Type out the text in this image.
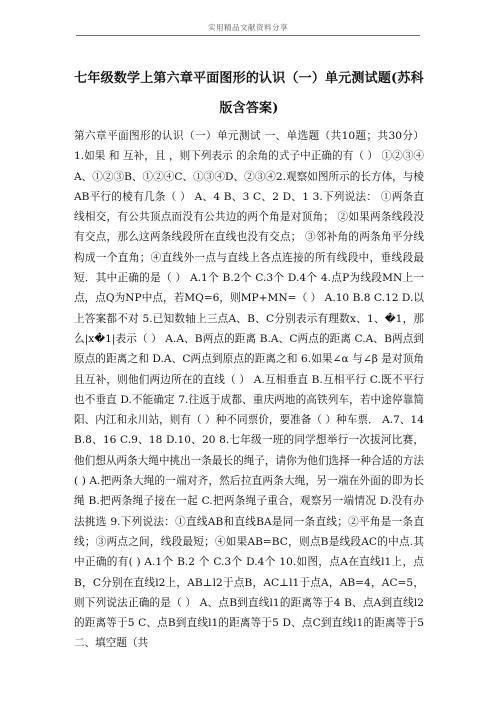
实用精品文献资料分享
七年级数学上第六章平面图形的认识（一）单元测试题(苏科版含答案)

第六章平面图形的认识（一）单元测试 一、单选题（共10题；共30分） 1.如果 和 互补，且 ，则下列表示 的余角的式子中正确的有（ ） ①②③④A、①②③B、①②④C、①③④D、②③④2.观察如图所示的长方体，与棱AB平行的棱有几条（ ） A、4 B、3 C、2 D、1 3.下列说法： ①两条直线相交，有公共顶点而没有公共边的两个角是对顶角； ②如果两条线段没有交点，那么这两条线段所在直线也没有交点； ③邻补角的两条角平分线构成一个直角；④直线外一点与直线上各点连接的所有线段中，垂线段最短．其中正确的是（ ） A.1个 B.2个 C.3个 D.4个 4.点P为线段MN上一点，点Q为NP中点，若MQ=6，则MP+MN=（ ） A.10 B.8 C.12 D.以上答案都不对 5.已知数轴上三点A、B、C分别表示有理数x、1、�1，那么|x�1|表示（ ） A.A、B两点的距离 B.A、C两点的距离 C.A、B两点到原点的距离之和 D.A、C两点到原点的距离之和 6.如果∠α 与∠β 是对顶角且互补，则他们两边所在的直线（ ） A.互相垂直 B.互相平行 C.既不平行也不垂直 D.不能确定 7.往返于成都、重庆两地的高铁列车，若中途停靠简阳、内江和永川站，则有（ ）种不同票价，要准备（ ）种车票． A.7、14 B.8、16 C.9、18 D.10、20 8.七年级一班的同学想举行一次拔河比赛，他们想从两条大绳中挑出一条最长的绳子，请你为他们选择一种合适的方法( ) A.把两条大绳的一端对齐，然后拉直两条大绳，另一端在外面的即为长绳 B.把两条绳子接在一起 C.把两条绳子重合，观察另一端情况 D.没有办法挑选 9.下列说法：①直线AB和直线BA是同一条直线；②平角是一条直线；③两点之间，线段最短；④如果AB=BC，则点B是线段AC的中点.其中正确的有( ) A.1个 B.2 个 C.3个 D.4个 10.如图，点A在直线l1上，点B，C分别在直线l2上，AB⊥l2于点B，AC⊥l1于点A，AB=4，AC=5，则下列说法正确的是（ ） A、点B到直线l1的距离等于4 B、点A到直线l2的距离等于5 C、点B到直线l1的距离等于5 D、点C到直线l1的距离等于5 二、填空题（共
